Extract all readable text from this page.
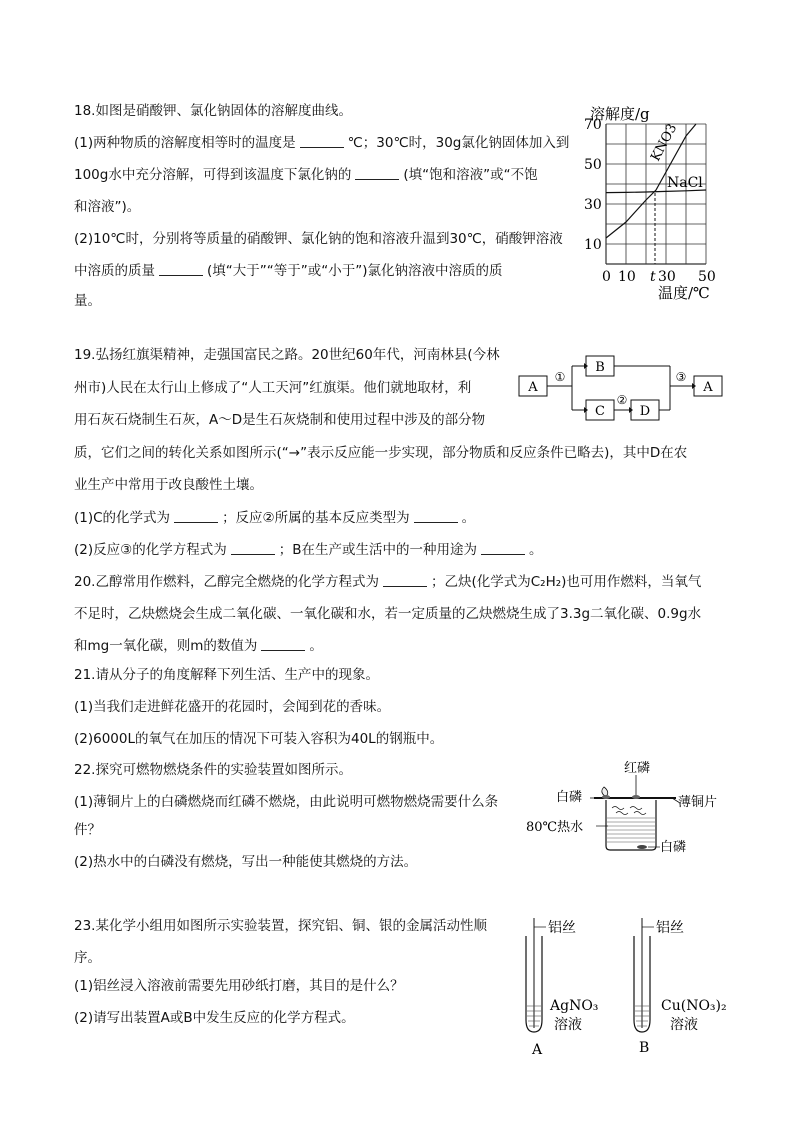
18.如图是硝酸钾、氯化钠固体的溶解度曲线。
(1)两种物质的溶解度相等时的温度是	℃；30℃时，30g氯化钠固体加入到
100g水中充分溶解，可得到该温度下氯化钠的	(填“饱和溶液”或“不饱
和溶液”)。
(2)10℃时，分别将等质量的硝酸钾、氯化钠的饱和溶液升温到30℃，硝酸钾溶液
中溶质的质量	(填“大于”“等于”或“小于”)氯化钠溶液中溶质的质
量。
溶解度/g
70
50
30
10
0 10 t 30 50
KNO3
NaCl
温度/℃
19.弘扬红旗渠精神，走强国富民之路。20世纪60年代，河南林县(今林
州市)人民在太行山上修成了“人工天河”红旗渠。他们就地取材，利
用石灰石烧制生石灰，A～D是生石灰烧制和使用过程中涉及的部分物
质，它们之间的转化关系如图所示(“→”表示反应能一步实现，部分物质和反应条件已略去)，其中D在农
业生产中常用于改良酸性土壤。
(1)C的化学式为	；反应②所属的基本反应类型为	。
(2)反应③的化学方程式为	；B在生产或生活中的一种用途为	。
A
B
C	D
A
①
②
③
20.乙醇常用作燃料，乙醇完全燃烧的化学方程式为	；乙炔(化学式为C₂H₂)也可用作燃料，当氧气
不足时，乙炔燃烧会生成二氧化碳、一氧化碳和水，若一定质量的乙炔燃烧生成了3.3g二氧化碳、0.9g水
和mg一氧化碳，则m的数值为	。
21.请从分子的角度解释下列生活、生产中的现象。
(1)当我们走进鲜花盛开的花园时，会闻到花的香味。
(2)6000L的氧气在加压的情况下可装入容积为40L的钢瓶中。
22.探究可燃物燃烧条件的实验装置如图所示。
(1)薄铜片上的白磷燃烧而红磷不燃烧，由此说明可燃物燃烧需要什么条
件？
(2)热水中的白磷没有燃烧，写出一种能使其燃烧的方法。
红磷
白磷	薄铜片
80℃热水
白磷
23.某化学小组用如图所示实验装置，探究铝、铜、银的金属活动性顺
序。
(1)铝丝浸入溶液前需要先用砂纸打磨，其目的是什么？
(2)请写出装置A或B中发生反应的化学方程式。
铝丝	铝丝
AgNO₃
溶液
Cu(NO₃)₂
溶液
A	B
